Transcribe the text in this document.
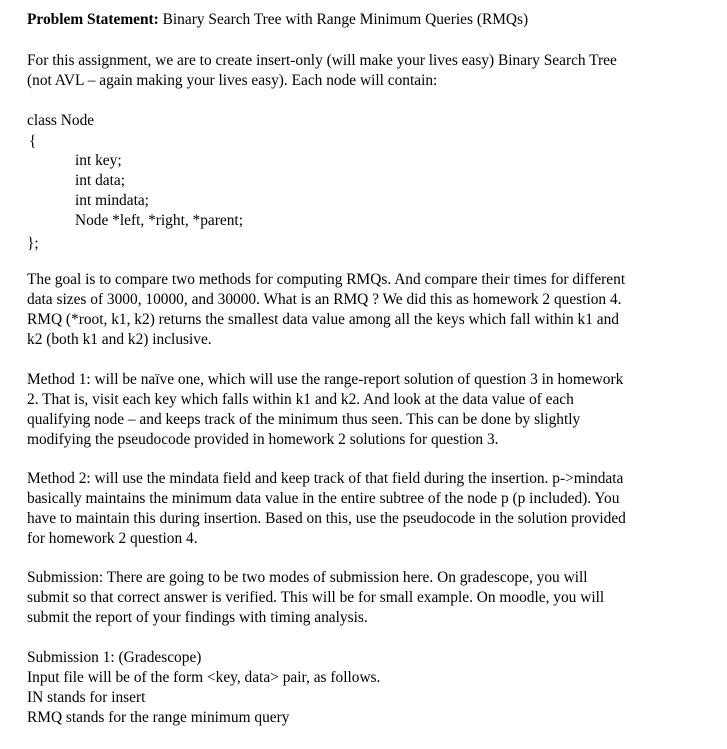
Problem Statement: Binary Search Tree with Range Minimum Queries (RMQs)
For this assignment, we are to create insert-only (will make your lives easy) Binary Search Tree
(not AVL – again making your lives easy). Each node will contain:
class Node
{
int key;
int data;
int mindata;
Node *left, *right, *parent;
};
The goal is to compare two methods for computing RMQs. And compare their times for different
data sizes of 3000, 10000, and 30000. What is an RMQ ? We did this as homework 2 question 4.
RMQ (*root, k1, k2) returns the smallest data value among all the keys which fall within k1 and
k2 (both k1 and k2) inclusive.
Method 1: will be naïve one, which will use the range-report solution of question 3 in homework
2. That is, visit each key which falls within k1 and k2. And look at the data value of each
qualifying node – and keeps track of the minimum thus seen. This can be done by slightly
modifying the pseudocode provided in homework 2 solutions for question 3.
Method 2: will use the mindata field and keep track of that field during the insertion. p->mindata
basically maintains the minimum data value in the entire subtree of the node p (p included). You
have to maintain this during insertion. Based on this, use the pseudocode in the solution provided
for homework 2 question 4.
Submission: There are going to be two modes of submission here. On gradescope, you will
submit so that correct answer is verified. This will be for small example. On moodle, you will
submit the report of your findings with timing analysis.
Submission 1: (Gradescope)
Input file will be of the form <key, data> pair, as follows.
IN stands for insert
RMQ stands for the range minimum query
